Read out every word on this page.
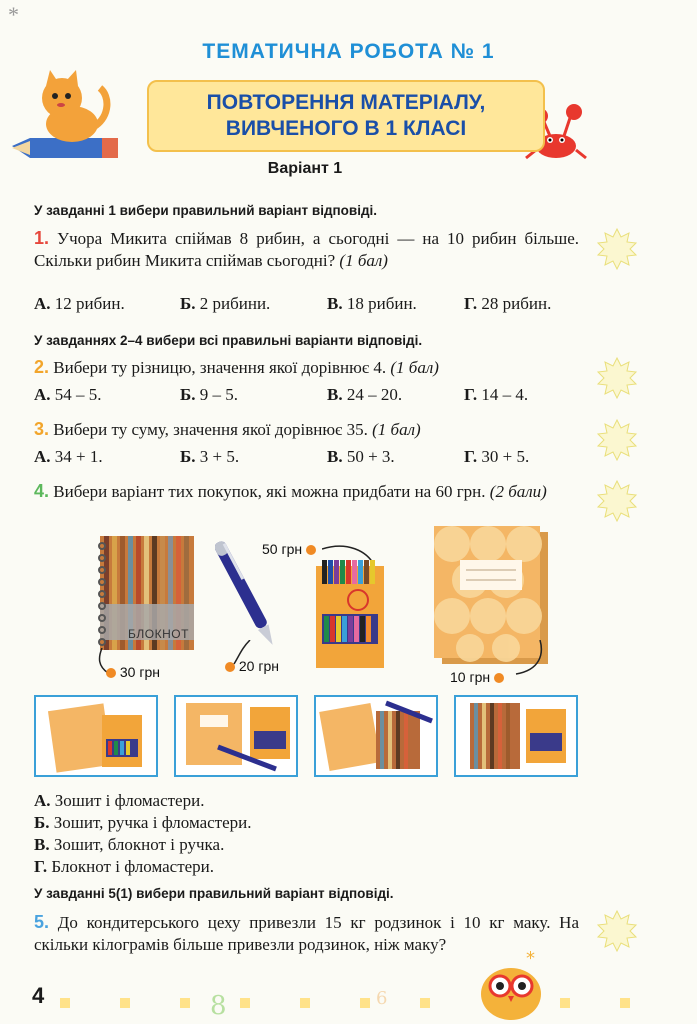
*
ТЕМАТИЧНА РОБОТА № 1
ПОВТОРЕННЯ МАТЕРІАЛУ,
ВИВЧЕНОГО В 1 КЛАСІ
Варіант 1
У завданні 1 вибери правильний варіант відповіді.
1. Учора Микита спіймав 8 рибин, а сьогодні — на 10 рибин більше. Скільки рибин Микита спіймав сьогодні? (1 бал)
А. 12 рибин.	Б. 2 рибини.	В. 18 рибин.	Г. 28 рибин.
У завданнях 2–4 вибери всі правильні варіанти відповіді.
2. Вибери ту різницю, значення якої дорівнює 4. (1 бал)
А. 54 – 5.	Б. 9 – 5.	В. 24 – 20.	Г. 14 – 4.
3. Вибери ту суму, значення якої дорівнює 35. (1 бал)
А. 34 + 1.	Б. 3 + 5.	В. 50 + 3.	Г. 30 + 5.
4. Вибери варіант тих покупок, які можна придбати на 60 грн. (2 бали)
БЛОКНОТ
30 грн	20 грн
50 грн
10 грн
А. Зошит і фломастери.
Б. Зошит, ручка і фломастери.
В. Зошит, блокнот і ручка.
Г. Блокнот і фломастери.
У завданні 5(1) вибери правильний варіант відповіді.
5. До кондитерського цеху привезли 15 кг родзинок і 10 кг маку. На скільки кілограмів більше привезли родзинок, ніж маку?
8	6
*
4
